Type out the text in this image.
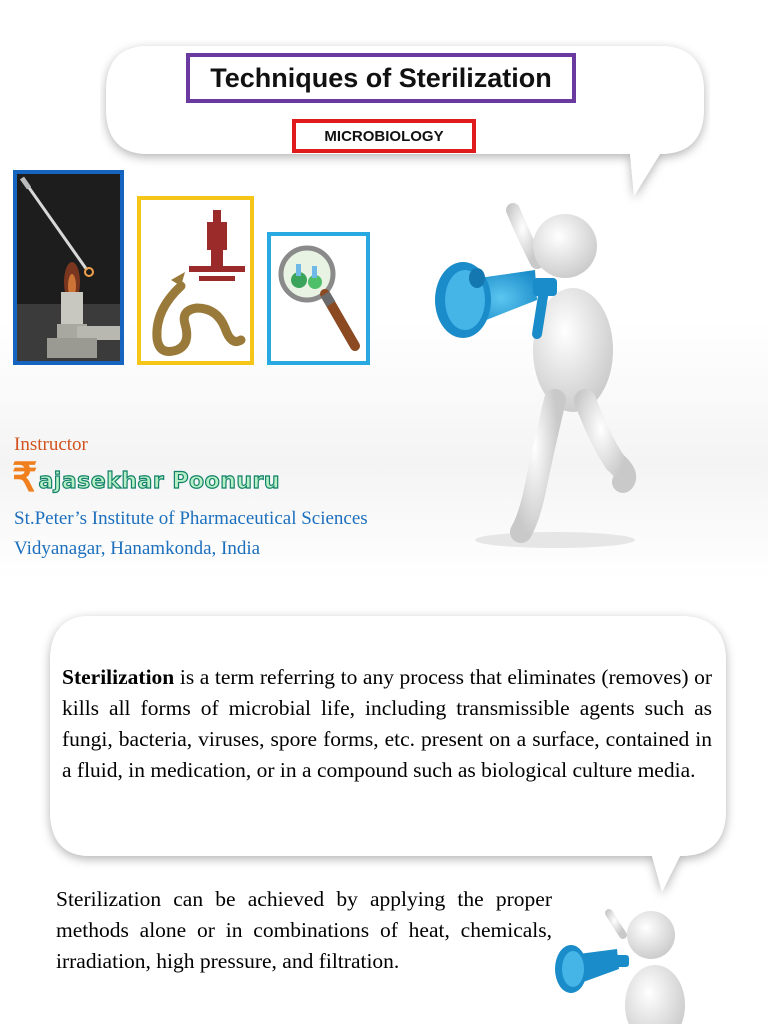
Techniques of Sterilization
MICROBIOLOGY
Instructor
₹ ajasekhar Poonuru
St.Peter’s Institute of Pharmaceutical Sciences
Vidyanagar, Hanamkonda, India
Sterilization is a term referring to any process that eliminates (removes) or kills all forms of microbial life, including transmissible agents such as fungi, bacteria, viruses, spore forms, etc. present on a surface, contained in a fluid, in medication, or in a compound such as biological culture media.
Sterilization can be achieved by applying the proper methods alone or in combinations of heat, chemicals, irradiation, high pressure, and filtration.
